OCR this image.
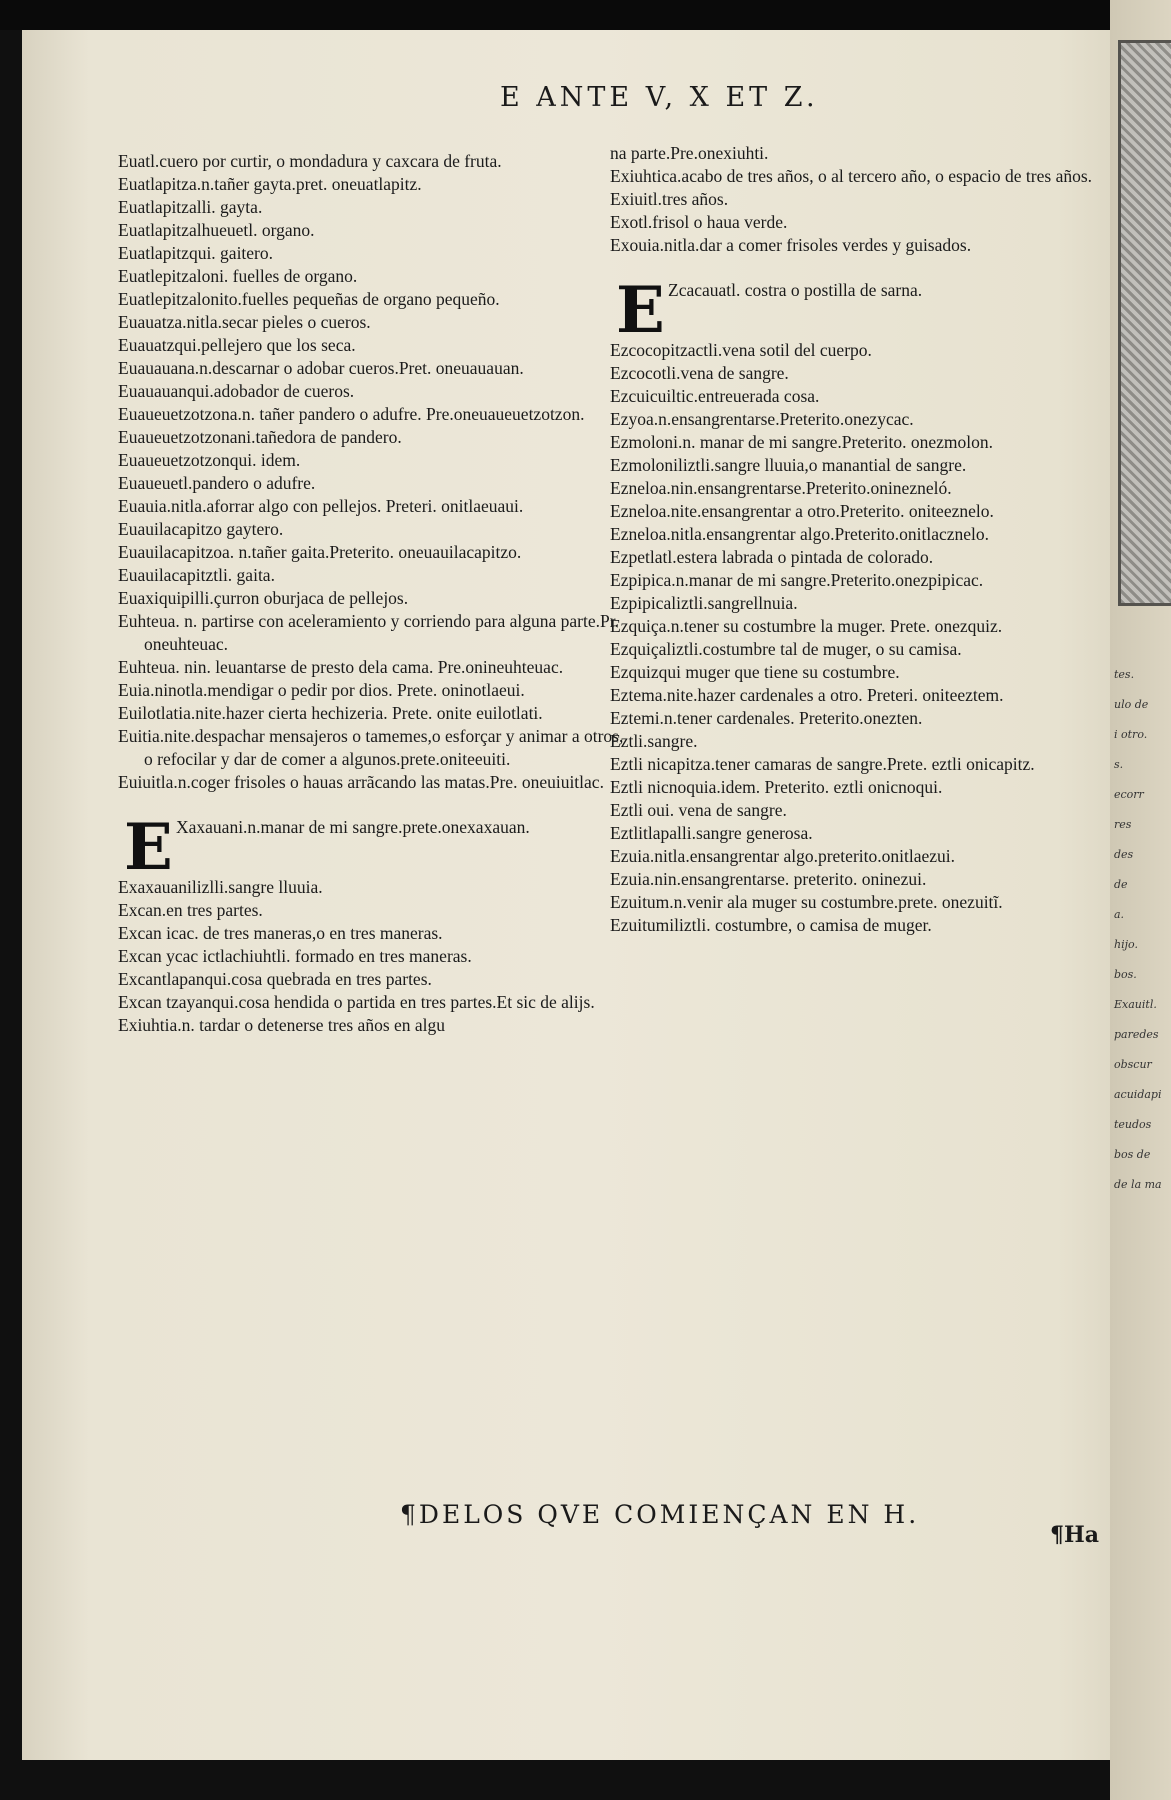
tes.
ulo de
i otro.
s.
ecorr
res
des
de
a.
hijo.
bos.
Exauitl.
paredes
obscur
acuidapi
teudos
bos de
de la ma
E ANTE V, X ET Z.
Euatl.cuero por curtir, o mondadura y caxcara de fruta.
Euatlapitza.n.tañer gayta.pret. oneuatlapitz.
Euatlapitzalli. gayta.
Euatlapitzalhueuetl. organo.
Euatlapitzqui. gaitero.
Euatlepitzaloni. fuelles de organo.
Euatlepitzalonito.fuelles pequeñas de organo pequeño.
Euauatza.nitla.secar pieles o cueros.
Euauatzqui.pellejero que los seca.
Euauauana.n.descarnar o adobar cueros.Pret. oneuauauan.
Euauauanqui.adobador de cueros.
Euaueuetzotzona.n. tañer pandero o adufre. Pre.oneuaueuetzotzon.
Euaueuetzotzonani.tañedora de pandero.
Euaueuetzotzonqui. idem.
Euaueuetl.pandero o adufre.
Euauia.nitla.aforrar algo con pellejos. Preteri. onitlaeuaui.
Euauilacapitzo gaytero.
Euauilacapitzoa. n.tañer gaita.Preterito. oneuauilacapitzo.
Euauilacapitztli. gaita.
Euaxiquipilli.çurron oburjaca de pellejos.
Euhteua. n. partirse con aceleramiento y corriendo para alguna parte.Pr. oneuhteuac.
Euhteua. nin. leuantarse de presto dela cama. Pre.onineuhteuac.
Euia.ninotla.mendigar o pedir por dios. Prete. oninotlaeui.
Euilotlatia.nite.hazer cierta hechizeria. Prete. onite euilotlati.
Euitia.nite.despachar mensajeros o tamemes,o esforçar y animar a otros, o refocilar y dar de comer a algunos.prete.oniteeuiti.
Euiuitla.n.coger frisoles o hauas arrãcando las matas.Pre. oneuiuitlac.
E Xaxauani.n.manar de mi sangre.prete.onexaxauan.
Exaxauanilizlli.sangre lluuia.
Excan.en tres partes.
Excan icac. de tres maneras,o en tres maneras.
Excan ycac ictlachiuhtli. formado en tres maneras.
Excantlapanqui.cosa quebrada en tres partes.
Excan tzayanqui.cosa hendida o partida en tres partes.Et sic de alijs.
Exiuhtia.n. tardar o detenerse tres años en algu
na parte.Pre.onexiuhti.
Exiuhtica.acabo de tres años, o al tercero año, o espacio de tres años.
Exiuitl.tres años.
Exotl.frisol o haua verde.
Exouia.nitla.dar a comer frisoles verdes y guisados.
E Zcacauatl. costra o postilla de sarna.
Ezcocopitzactli.vena sotil del cuerpo.
Ezcocotli.vena de sangre.
Ezcuicuiltic.entreuerada cosa.
Ezyoa.n.ensangrentarse.Preterito.onezycac.
Ezmoloni.n. manar de mi sangre.Preterito. onezmolon.
Ezmoloniliztli.sangre lluuia,o manantial de sangre.
Ezneloa.nin.ensangrentarse.Preterito.oninezneló.
Ezneloa.nite.ensangrentar a otro.Preterito. oniteeznelo.
Ezneloa.nitla.ensangrentar algo.Preterito.onitlacznelo.
Ezpetlatl.estera labrada o pintada de colorado.
Ezpipica.n.manar de mi sangre.Preterito.onezpipicac.
Ezpipicaliztli.sangrellnuia.
Ezquiça.n.tener su costumbre la muger. Prete. onezquiz.
Ezquiçaliztli.costumbre tal de muger, o su camisa.
Ezquizqui muger que tiene su costumbre.
Eztema.nite.hazer cardenales a otro. Preteri. oniteeztem.
Eztemi.n.tener cardenales. Preterito.onezten.
Eztli.sangre.
Eztli nicapitza.tener camaras de sangre.Prete. eztli onicapitz.
Eztli nicnoquia.idem. Preterito. eztli onicnoqui.
Eztli oui. vena de sangre.
Eztlitlapalli.sangre generosa.
Ezuia.nitla.ensangrentar algo.preterito.onitlaezui.
Ezuia.nin.ensangrentarse. preterito. oninezui.
Ezuitum.n.venir ala muger su costumbre.prete. onezuitĩ.
Ezuitumiliztli. costumbre, o camisa de muger.
¶DELOS QVE COMIENÇAN EN H.
¶Ha
